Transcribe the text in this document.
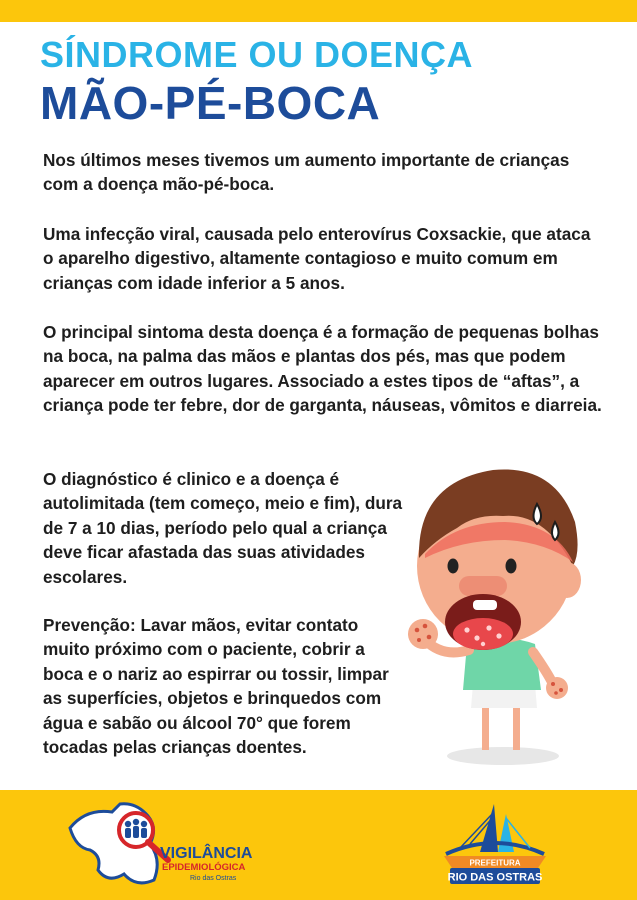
SÍNDROME OU DOENÇA
MÃO-PÉ-BOCA

Nos últimos meses tivemos um aumento importante de crianças com a doença mão-pé-boca.

Uma infecção viral, causada pelo enterovírus Coxsackie, que ataca o aparelho digestivo, altamente contagioso e muito comum em crianças com idade inferior a 5 anos.

O principal sintoma desta doença é a formação de pequenas bolhas na boca, na palma das mãos e plantas dos pés, mas que podem aparecer em outros lugares. Associado a estes tipos de “aftas”, a criança pode ter febre, dor de garganta, náuseas, vômitos e diarreia.

O diagnóstico é clinico e a doença é autolimitada (tem começo, meio e fim), dura de 7 a 10 dias, período pelo qual a criança deve ficar afastada das suas atividades escolares.

Prevenção: Lavar mãos, evitar contato muito próximo com o paciente, cobrir a boca e o nariz ao espirrar ou tossir, limpar as superfícies, objetos e brinquedos com água e sabão ou álcool 70° que forem tocadas pelas crianças doentes.

VIGILÂNCIA
EPIDEMIOLÓGICA
Rio das Ostras
PREFEITURA
RIO DAS OSTRAS
